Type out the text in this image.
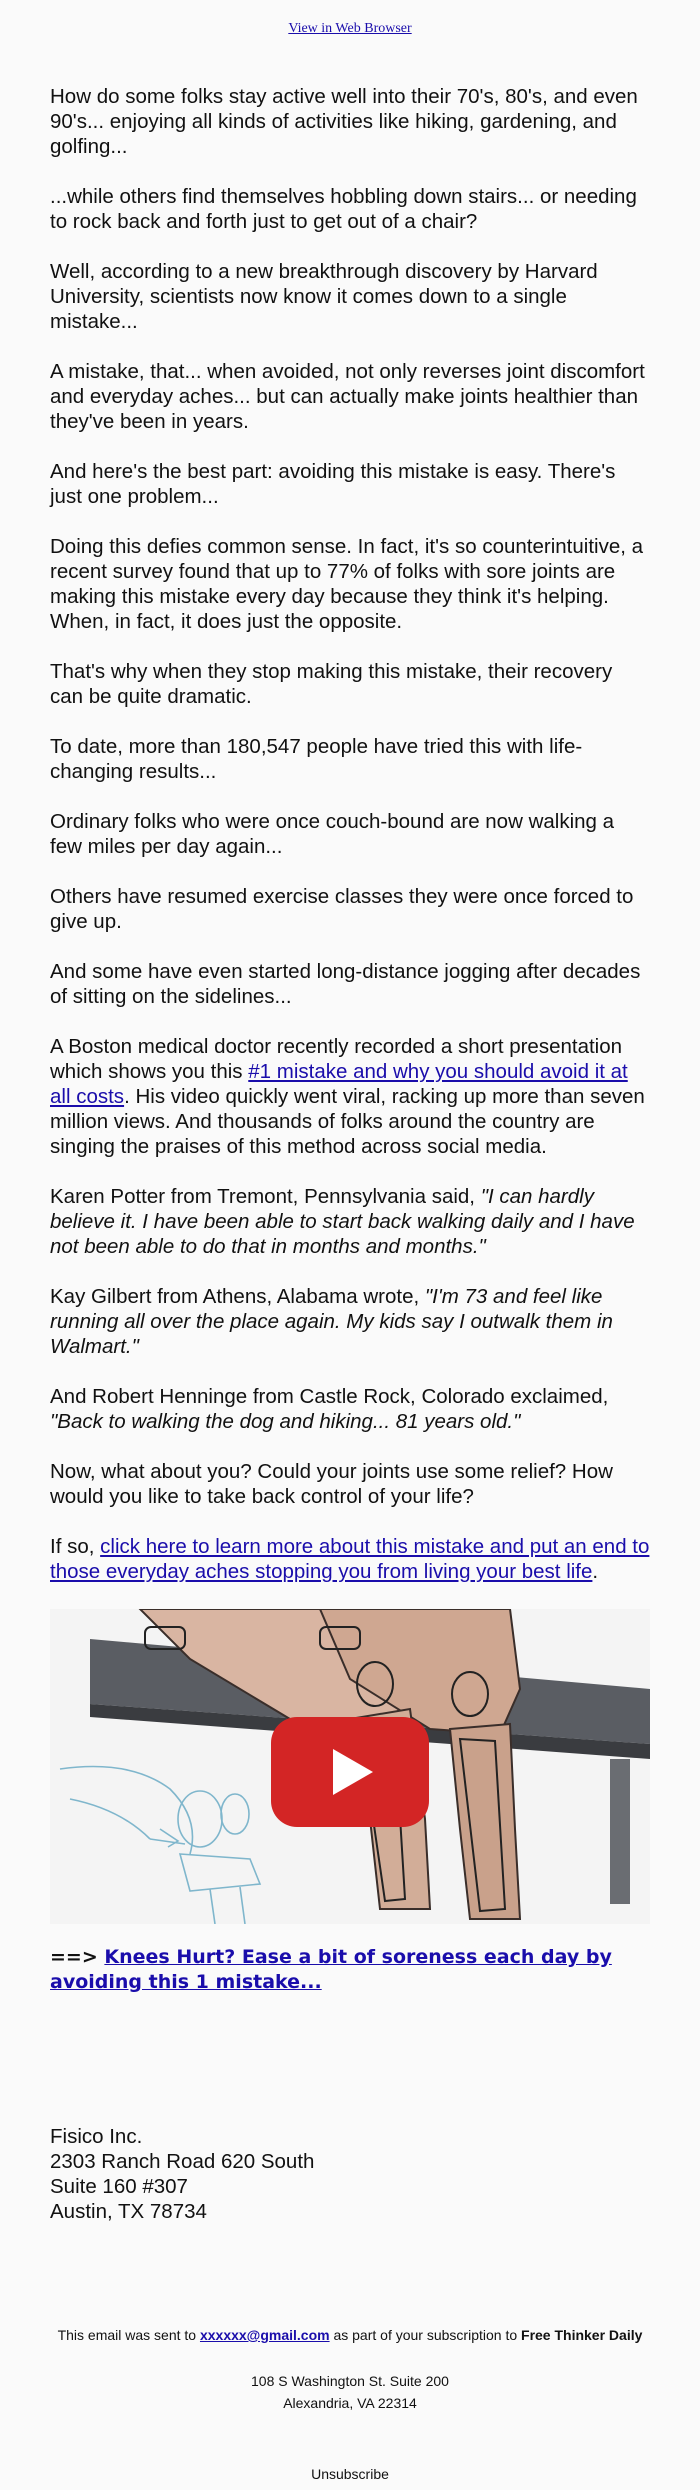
View in Web Browser

How do some folks stay active well into their 70's, 80's, and even 90's... enjoying all kinds of activities like hiking, gardening, and golfing...

...while others find themselves hobbling down stairs... or needing to rock back and forth just to get out of a chair?

Well, according to a new breakthrough discovery by Harvard University, scientists now know it comes down to a single mistake...

A mistake, that... when avoided, not only reverses joint discomfort and everyday aches... but can actually make joints healthier than they've been in years.

And here's the best part: avoiding this mistake is easy. There's just one problem...

Doing this defies common sense. In fact, it's so counterintuitive, a recent survey found that up to 77% of folks with sore joints are making this mistake every day because they think it's helping. When, in fact, it does just the opposite.

That's why when they stop making this mistake, their recovery can be quite dramatic.

To date, more than 180,547 people have tried this with life-changing results...

Ordinary folks who were once couch-bound are now walking a few miles per day again...

Others have resumed exercise classes they were once forced to give up.

And some have even started long-distance jogging after decades of sitting on the sidelines...

A Boston medical doctor recently recorded a short presentation which shows you this #1 mistake and why you should avoid it at all costs. His video quickly went viral, racking up more than seven million views. And thousands of folks around the country are singing the praises of this method across social media.

Karen Potter from Tremont, Pennsylvania said, "I can hardly believe it. I have been able to start back walking daily and I have not been able to do that in months and months."

Kay Gilbert from Athens, Alabama wrote, "I'm 73 and feel like running all over the place again. My kids say I outwalk them in Walmart."

And Robert Henninge from Castle Rock, Colorado exclaimed, "Back to walking the dog and hiking... 81 years old."

Now, what about you? Could your joints use some relief? How would you like to take back control of your life?

If so, click here to learn more about this mistake and put an end to those everyday aches stopping you from living your best life.

==> Knees Hurt? Ease a bit of soreness each day by avoiding this 1 mistake...
Fisico Inc.
2303 Ranch Road 620 South
Suite 160 #307
Austin, TX 78734
This email was sent to xxxxxx@gmail.com as part of your subscription to Free Thinker Daily
108 S Washington St. Suite 200
Alexandria, VA 22314
Unsubscribe
